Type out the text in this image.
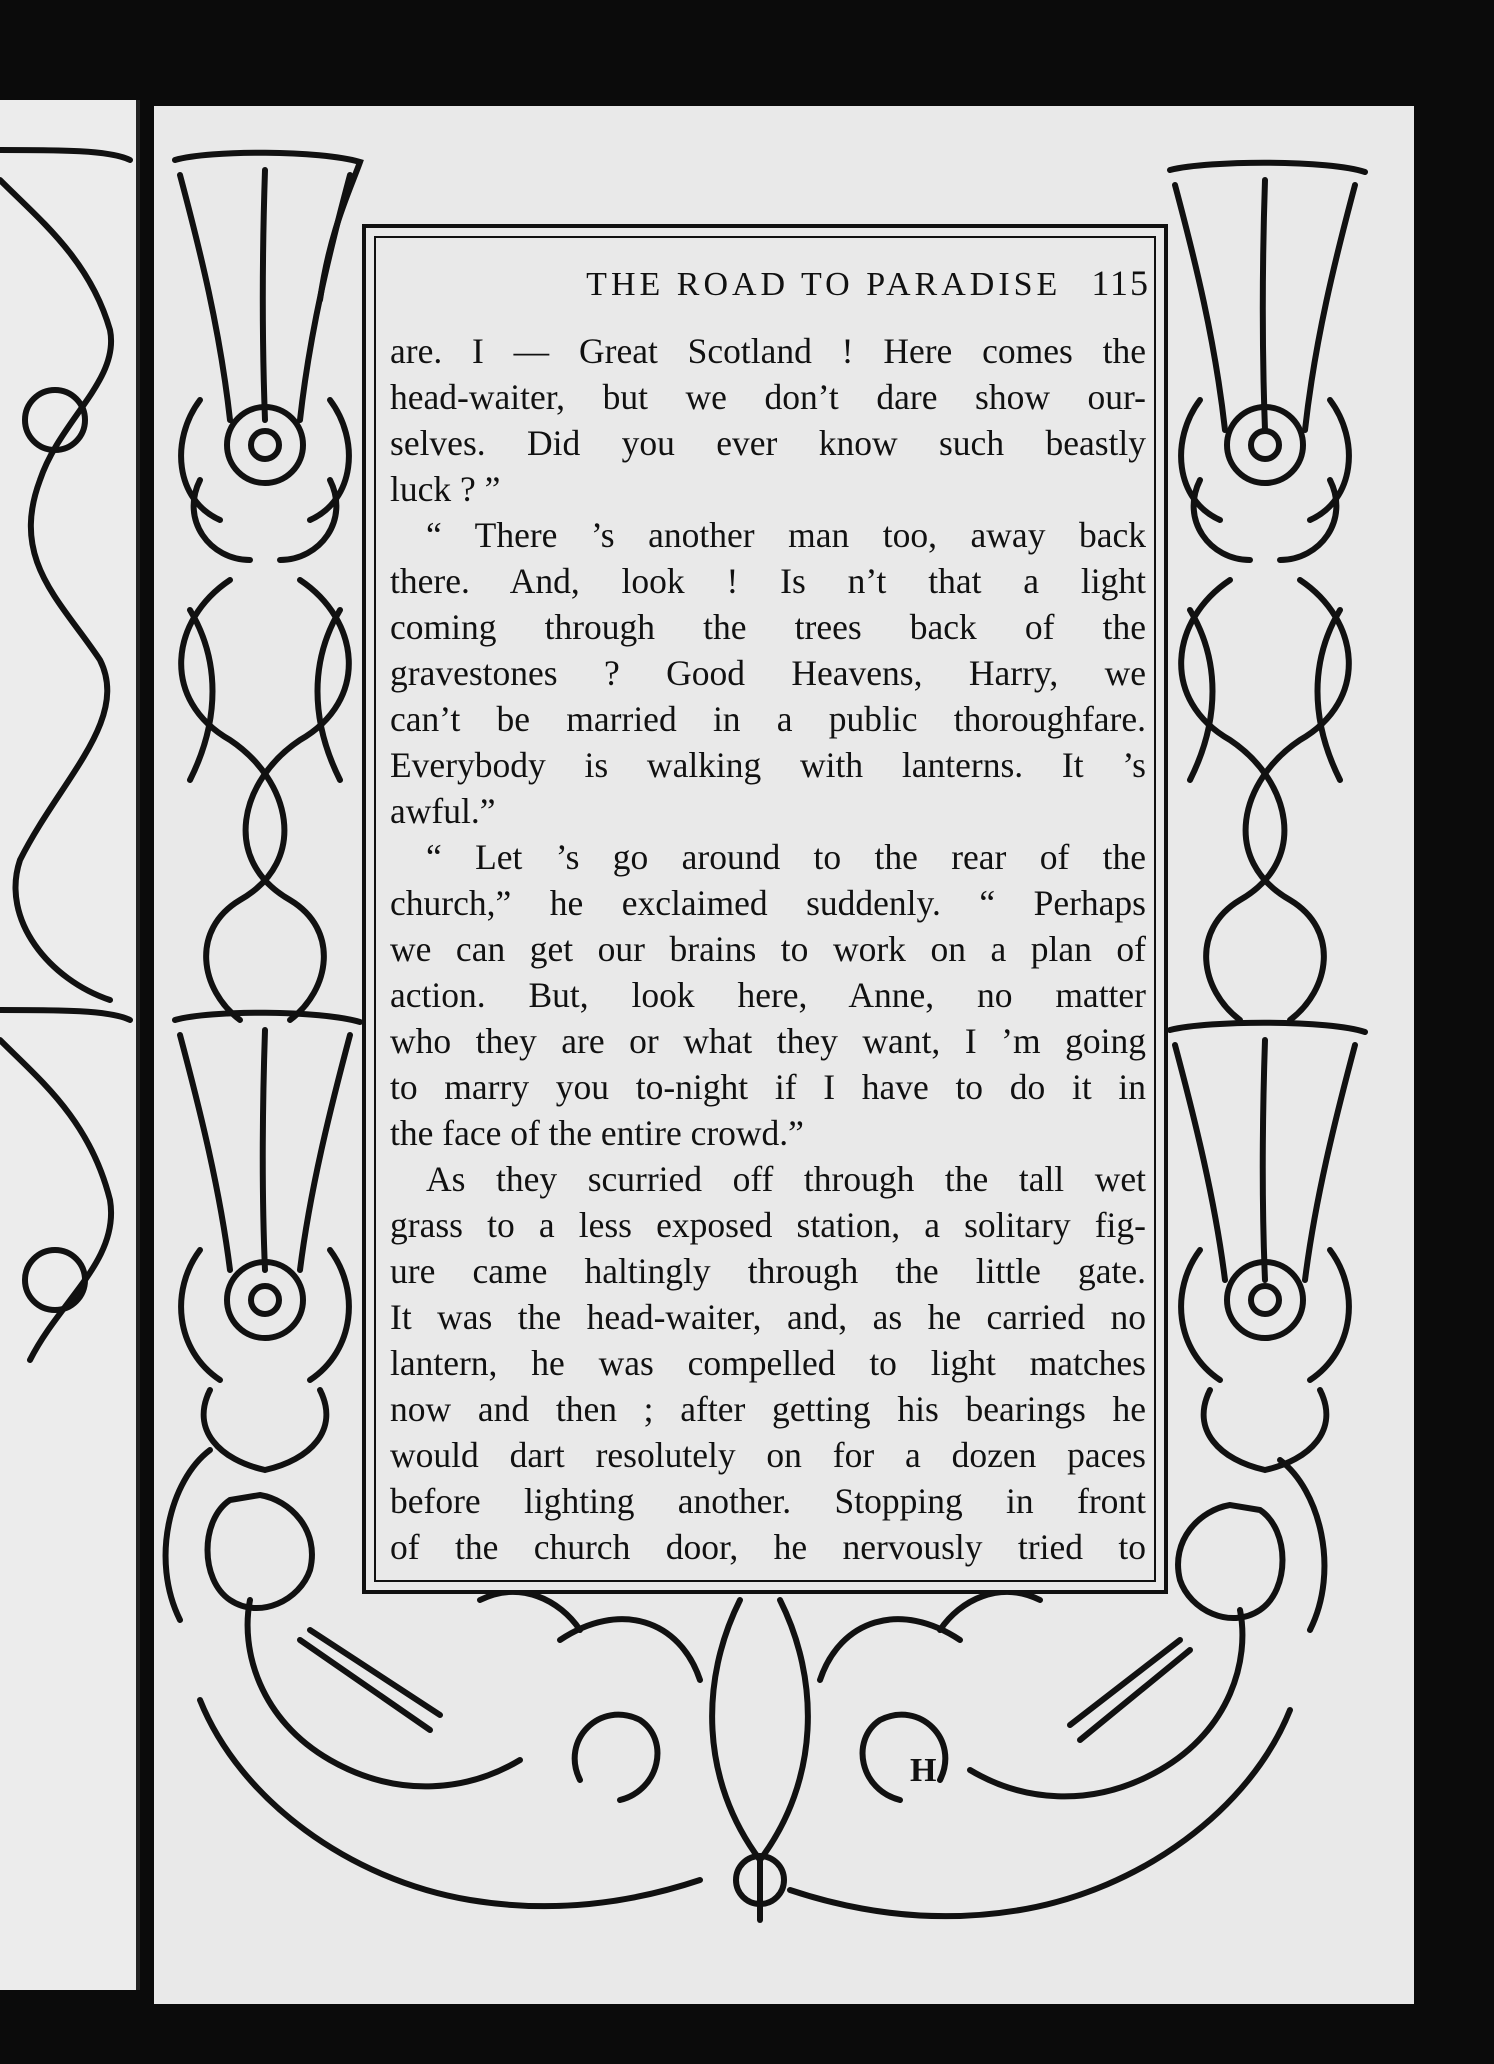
THE ROAD TO PARADISE 115
are. I — Great Scotland ! Here comes the
head-waiter, but we don’t dare show our-
selves. Did you ever know such beastly
luck ? ”
“ There ’s another man too, away back
there. And, look ! Is n’t that a light
coming through the trees back of the
gravestones ? Good Heavens, Harry, we
can’t be married in a public thoroughfare.
Everybody is walking with lanterns. It ’s
awful.”
“ Let ’s go around to the rear of the
church,” he exclaimed suddenly. “ Perhaps
we can get our brains to work on a plan of
action. But, look here, Anne, no matter
who they are or what they want, I ’m going
to marry you to-night if I have to do it in
the face of the entire crowd.”
As they scurried off through the tall wet
grass to a less exposed station, a solitary fig-
ure came haltingly through the little gate.
It was the head-waiter, and, as he carried no
lantern, he was compelled to light matches
now and then ; after getting his bearings he
would dart resolutely on for a dozen paces
before lighting another. Stopping in front
of the church door, he nervously tried to
H
